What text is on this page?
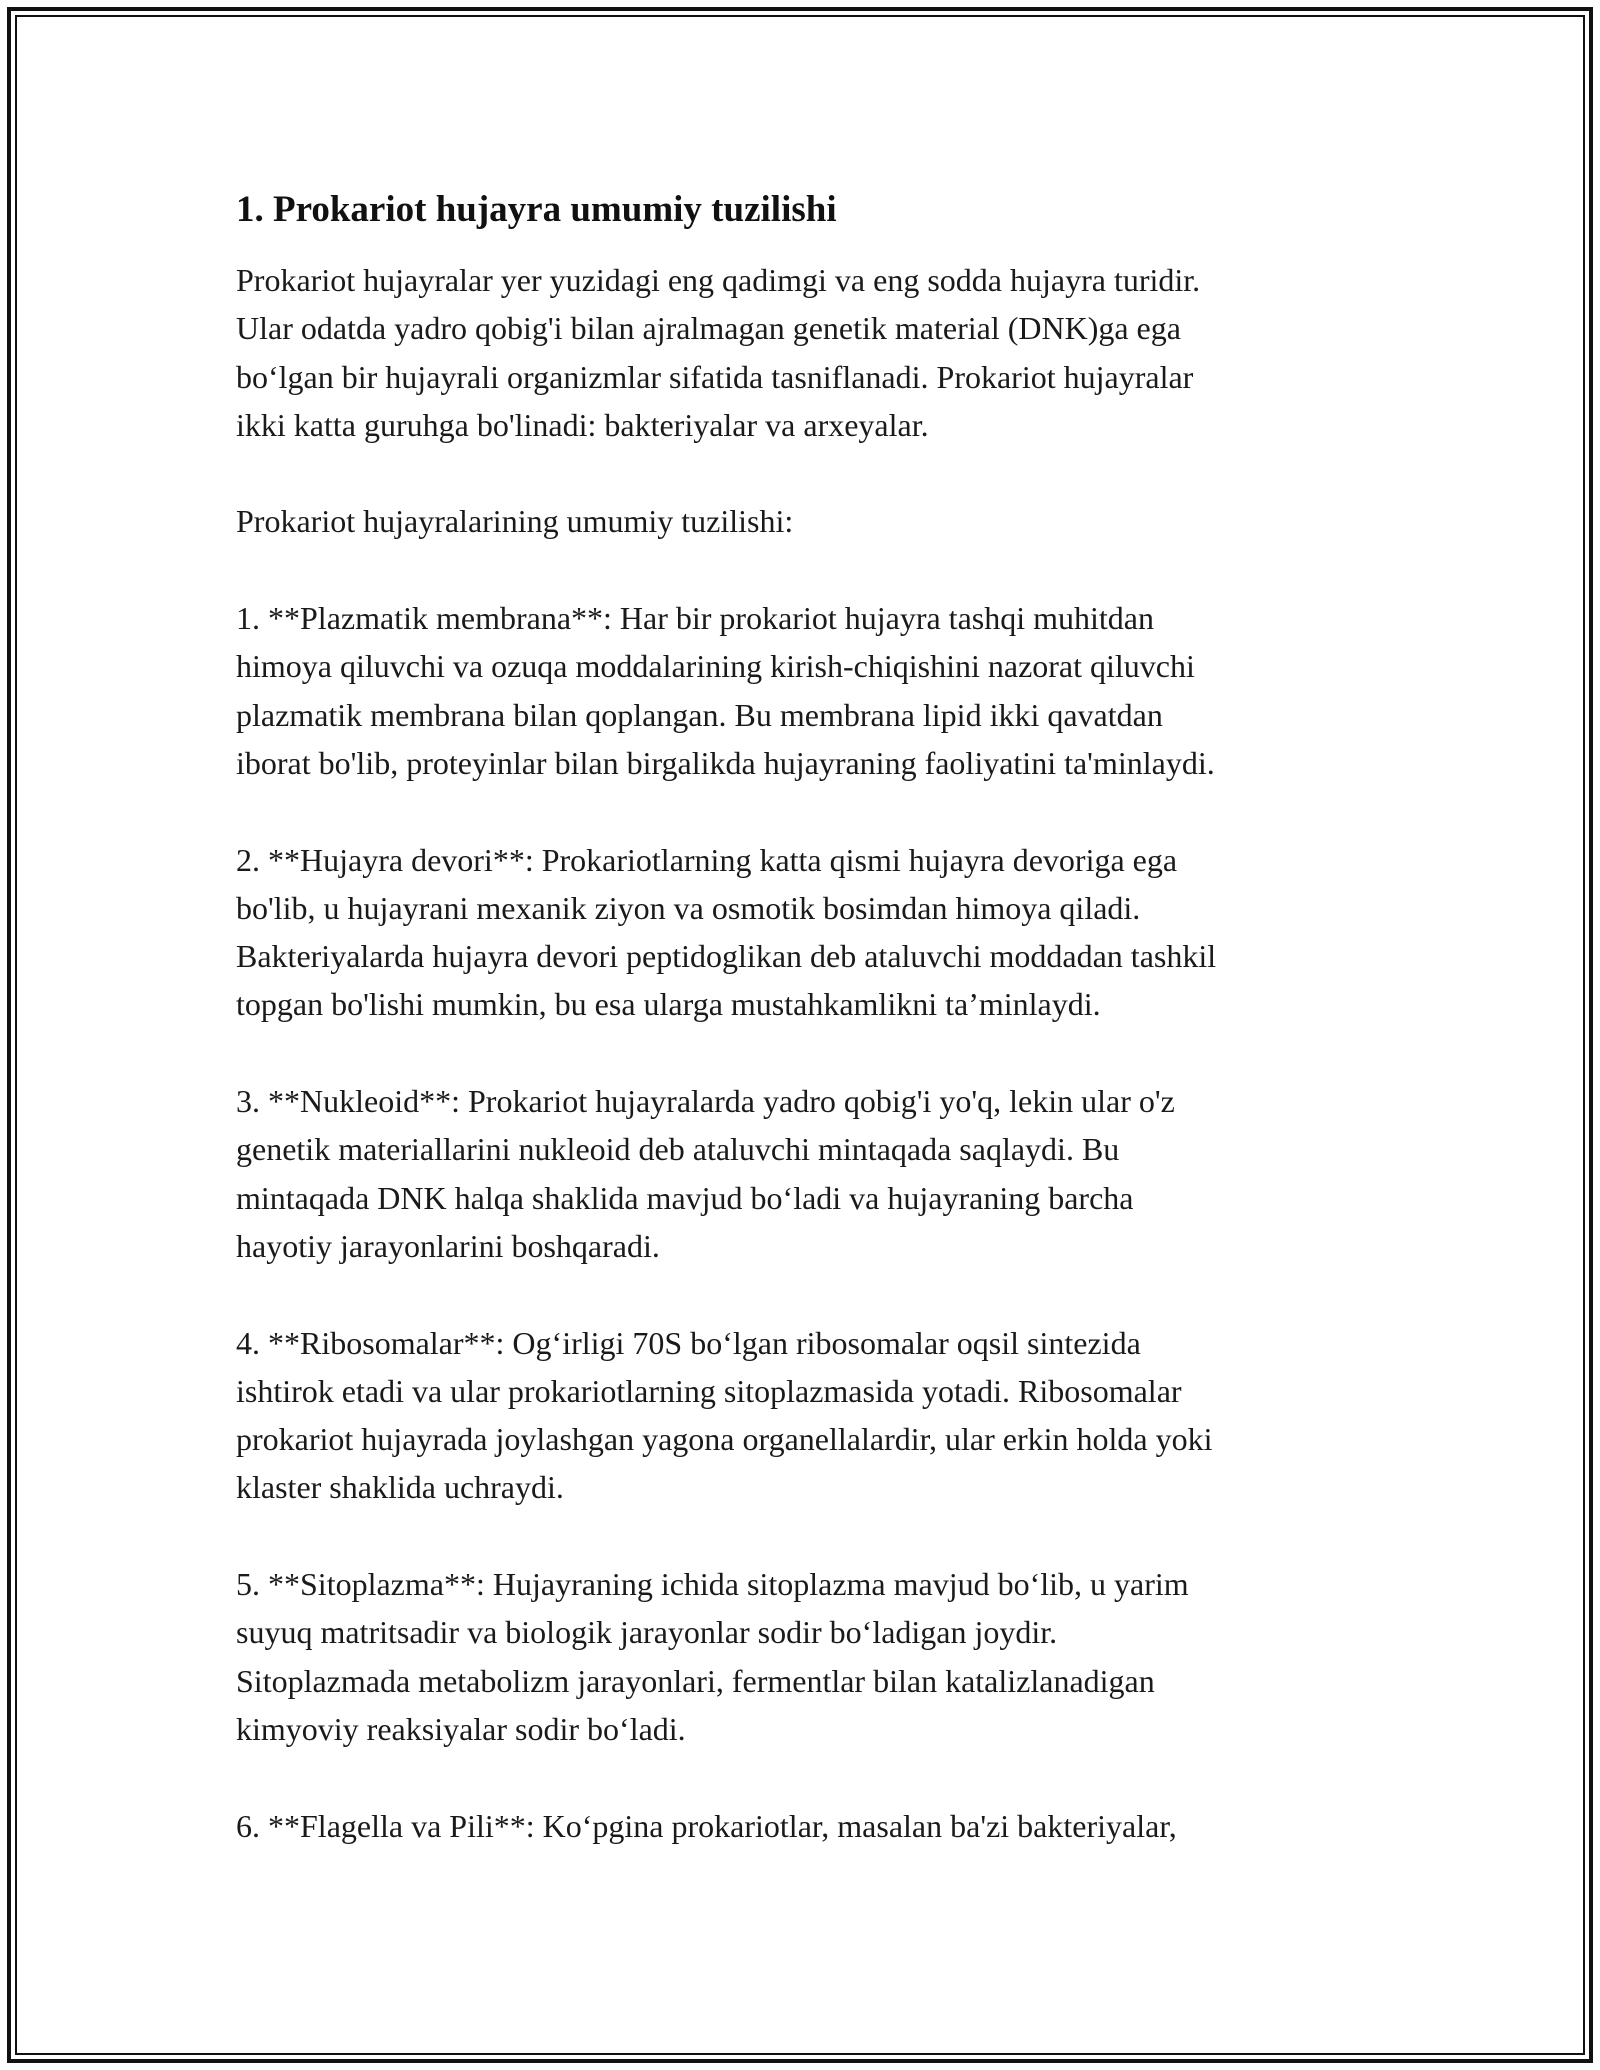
1. Prokariot hujayra umumiy tuzilishi

Prokariot hujayralar yer yuzidagi eng qadimgi va eng sodda hujayra turidir.
Ular odatda yadro qobig'i bilan ajralmagan genetik material (DNK)ga ega
bo‘lgan bir hujayrali organizmlar sifatida tasniflanadi. Prokariot hujayralar
ikki katta guruhga bo'linadi: bakteriyalar va arxeyalar.

Prokariot hujayralarining umumiy tuzilishi:

1. **Plazmatik membrana**: Har bir prokariot hujayra tashqi muhitdan
himoya qiluvchi va ozuqa moddalarining kirish-chiqishini nazorat qiluvchi
plazmatik membrana bilan qoplangan. Bu membrana lipid ikki qavatdan
iborat bo'lib, proteyinlar bilan birgalikda hujayraning faoliyatini ta'minlaydi.

2. **Hujayra devori**: Prokariotlarning katta qismi hujayra devoriga ega
bo'lib, u hujayrani mexanik ziyon va osmotik bosimdan himoya qiladi.
Bakteriyalarda hujayra devori peptidoglikan deb ataluvchi moddadan tashkil
topgan bo'lishi mumkin, bu esa ularga mustahkamlikni ta’minlaydi.

3. **Nukleoid**: Prokariot hujayralarda yadro qobig'i yo'q, lekin ular o'z
genetik materiallarini nukleoid deb ataluvchi mintaqada saqlaydi. Bu
mintaqada DNK halqa shaklida mavjud bo‘ladi va hujayraning barcha
hayotiy jarayonlarini boshqaradi.

4. **Ribosomalar**: Og‘irligi 70S bo‘lgan ribosomalar oqsil sintezida
ishtirok etadi va ular prokariotlarning sitoplazmasida yotadi. Ribosomalar
prokariot hujayrada joylashgan yagona organellalardir, ular erkin holda yoki
klaster shaklida uchraydi.

5. **Sitoplazma**: Hujayraning ichida sitoplazma mavjud bo‘lib, u yarim
suyuq matritsadir va biologik jarayonlar sodir bo‘ladigan joydir.
Sitoplazmada metabolizm jarayonlari, fermentlar bilan katalizlanadigan
kimyoviy reaksiyalar sodir bo‘ladi.

6. **Flagella va Pili**: Ko‘pgina prokariotlar, masalan ba'zi bakteriyalar,
